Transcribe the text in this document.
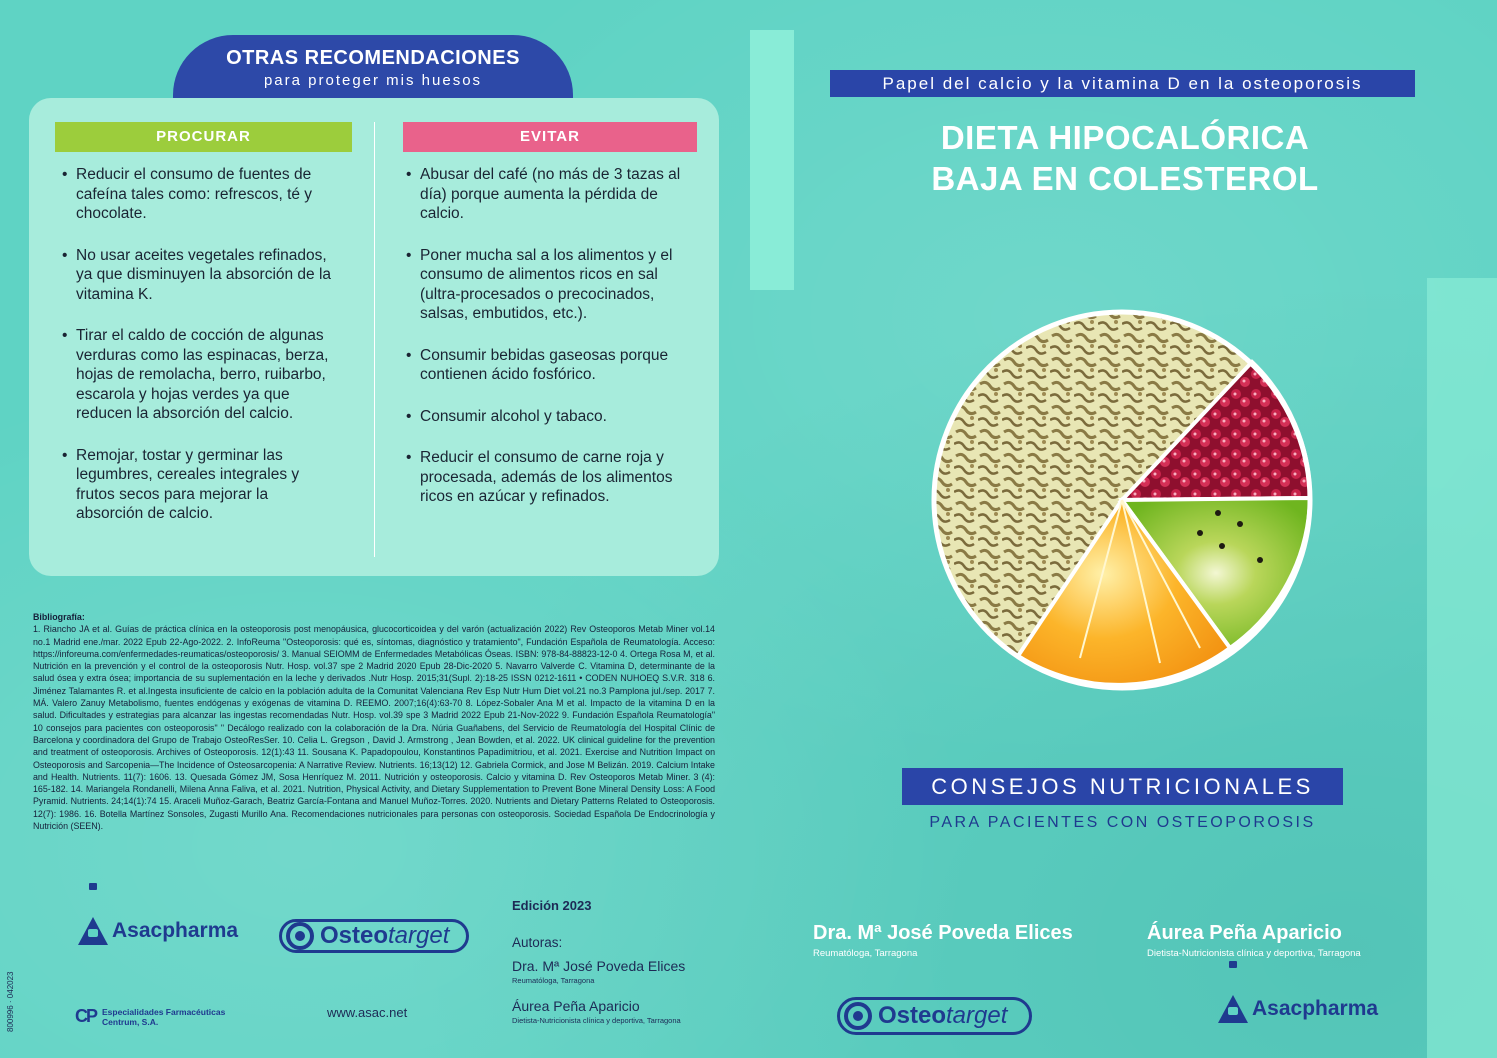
OTRAS RECOMENDACIONES
para proteger mis huesos
PROCURAR	EVITAR
• Reducir el consumo de fuentes de cafeína tales como: refrescos, té y chocolate.
• No usar aceites vegetales refinados, ya que disminuyen la absorción de la vitamina K.
• Tirar el caldo de cocción de algunas verduras como las espinacas, berza, hojas de remolacha, berro, ruibarbo, escarola y hojas verdes ya que reducen la absorción del calcio.
• Remojar, tostar y germinar las legumbres, cereales integrales y frutos secos para mejorar la absorción de calcio.
• Abusar del café (no más de 3 tazas al día) porque aumenta la pérdida de calcio.
• Poner mucha sal a los alimentos y el consumo de alimentos ricos en sal (ultra-procesados o precocinados, salsas, embutidos, etc.).
• Consumir bebidas gaseosas porque contienen ácido fosfórico.
• Consumir alcohol y tabaco.
• Reducir el consumo de carne roja y procesada, además de los alimentos ricos en azúcar y refinados.
Bibliografía:
1. Riancho JA et al. Guías de práctica clínica en la osteoporosis post menopáusica, glucocorticoidea y del varón (actualización 2022) Rev Osteoporos Metab Miner vol.14 no.1 Madrid ene./mar. 2022 Epub 22-Ago-2022. 2. InfoReuma "Osteoporosis: qué es, síntomas, diagnóstico y tratamiento", Fundación Española de Reumatología. Acceso: https://inforeuma.com/enfermedades-reumaticas/osteoporosis/ 3. Manual SEIOMM de Enfermedades Metabólicas Óseas. ISBN: 978-84-88823-12-0 4. Ortega Rosa M, et al. Nutrición en la prevención y el control de la osteoporosis Nutr. Hosp. vol.37 spe 2 Madrid 2020 Epub 28-Dic-2020 5. Navarro Valverde C. Vitamina D, determinante de la salud ósea y extra ósea; importancia de su suplementación en la leche y derivados .Nutr Hosp. 2015;31(Supl. 2):18-25 ISSN 0212-1611 • CODEN NUHOEQ S.V.R. 318 6. Jiménez Talamantes R. et al.Ingesta insuficiente de calcio en la población adulta de la Comunitat Valenciana Rev Esp Nutr Hum Diet vol.21 no.3 Pamplona jul./sep. 2017 7. MÁ. Valero Zanuy Metabolismo, fuentes endógenas y exógenas de vitamina D. REEMO. 2007;16(4):63-70 8. López-Sobaler Ana M et al. Impacto de la vitamina D en la salud. Dificultades y estrategias para alcanzar las ingestas recomendadas Nutr. Hosp. vol.39 spe 3 Madrid 2022 Epub 21-Nov-2022 9. Fundación Española Reumatología" 10 consejos para pacientes con osteoporosis" " Decálogo realizado con la colaboración de la Dra. Núria Guañabens, del Servicio de Reumatología del Hospital Clínic de Barcelona y coordinadora del Grupo de Trabajo OsteoResSer. 10. Celia L. Gregson , David J. Armstrong , Jean Bowden, et al. 2022. UK clinical guideline for the prevention and treatment of osteoporosis. Archives of Osteoporosis. 12(1):43 11. Sousana K. Papadopoulou, Konstantinos Papadimitriou, et al. 2021. Exercise and Nutrition Impact on Osteoporosis and Sarcopenia—The Incidence of Osteosarcopenia: A Narrative Review. Nutrients. 16;13(12) 12. Gabriela Cormick, and Jose M Belizán. 2019. Calcium Intake and Health. Nutrients. 11(7): 1606. 13. Quesada Gómez JM, Sosa Henríquez M. 2011. Nutrición y osteoporosis. Calcio y vitamina D. Rev Osteoporos Metab Miner. 3 (4): 165-182. 14. Mariangela Rondanelli, Milena Anna Faliva, et al. 2021. Nutrition, Physical Activity, and Dietary Supplementation to Prevent Bone Mineral Density Loss: A Food Pyramid. Nutrients. 24;14(1):74 15. Araceli Muñoz-Garach, Beatriz García-Fontana and Manuel Muñoz-Torres. 2020. Nutrients and Dietary Patterns Related to Osteoporosis. 12(7): 1986. 16. Botella Martínez Sonsoles, Zugasti Murillo Ana. Recomendaciones nutricionales para personas con osteoporosis. Sociedad Española De Endocrinología y Nutrición (SEEN).
Asacpharma	Osteotarget
CP Especialidades Farmacéuticas
Centrum, S.A.
www.asac.net
800996 · 042023
Edición 2023
Autoras:
Dra. Mª José Poveda Elices
Reumatóloga, Tarragona
Áurea Peña Aparicio
Dietista-Nutricionista clínica y deportiva, Tarragona
Papel del calcio y la vitamina D en la osteoporosis
DIETA HIPOCALÓRICA
BAJA EN COLESTEROL
CONSEJOS NUTRICIONALES
PARA PACIENTES CON OSTEOPOROSIS
Dra. Mª José Poveda Elices
Reumatóloga, Tarragona
Áurea Peña Aparicio
Dietista-Nutricionista clínica y deportiva, Tarragona
Osteotarget	Asacpharma
